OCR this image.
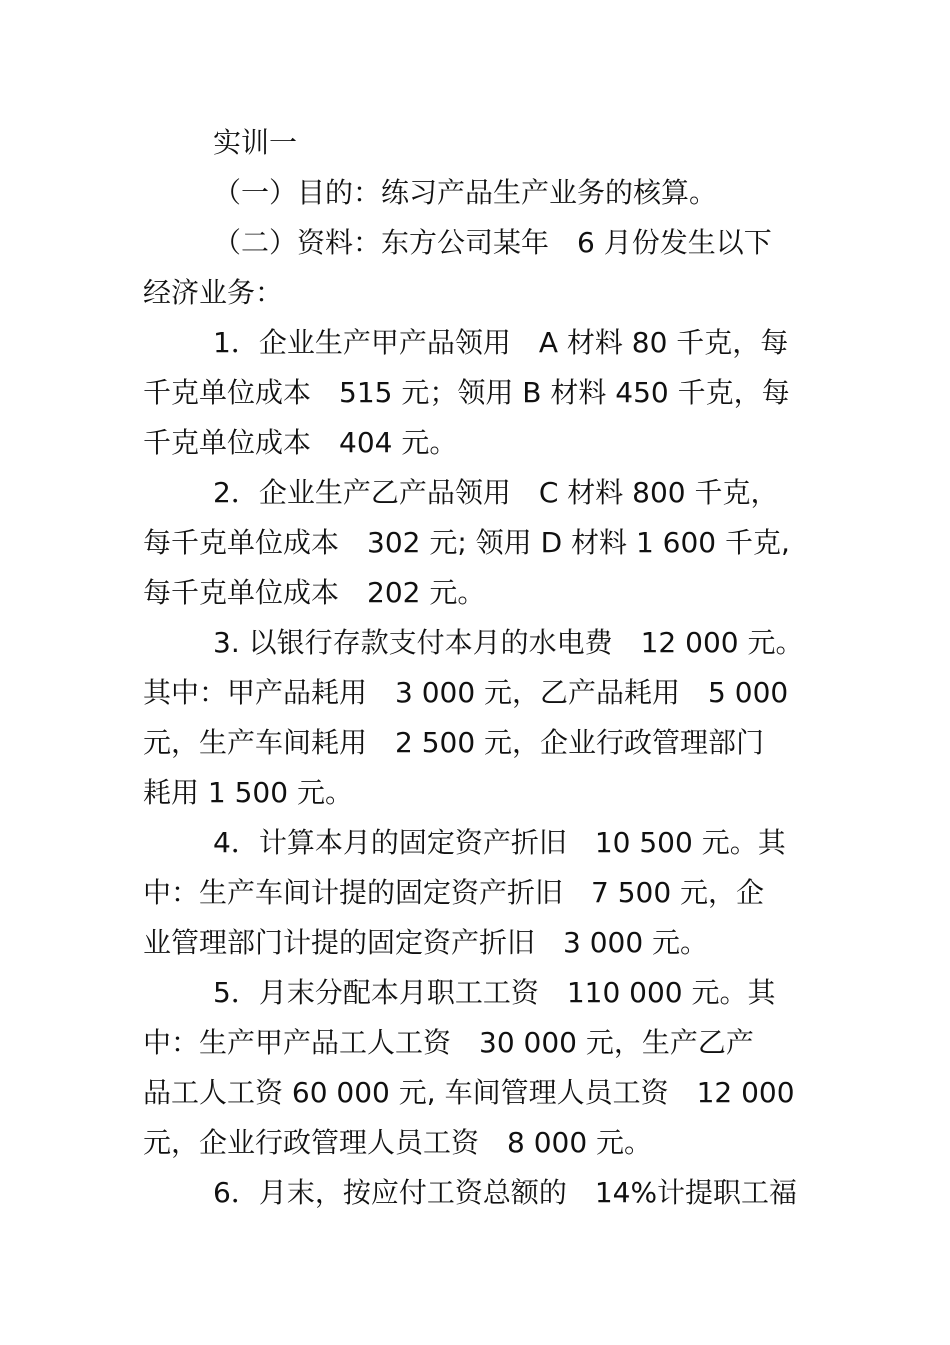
实训一
（一）目的：练习产品生产业务的核算。
（二）资料：东方公司某年　6 月份发生以下
经济业务：
1．企业生产甲产品领用　A 材料 80 千克，每
千克单位成本　515 元；领用 B 材料 450 千克，每
千克单位成本　404 元。
2．企业生产乙产品领用　C 材料 800 千克，
每千克单位成本　302 元; 领用 D 材料 1 600 千克,
每千克单位成本　202 元。
3. 以银行存款支付本月的水电费　12 000 元。
其中：甲产品耗用　3 000 元，乙产品耗用　5 000
元，生产车间耗用　2 500 元，企业行政管理部门
耗用 1 500 元。
4．计算本月的固定资产折旧　10 500 元。其
中：生产车间计提的固定资产折旧　7 500 元，企
业管理部门计提的固定资产折旧　3 000 元。
5．月末分配本月职工工资　110 000 元。其
中：生产甲产品工人工资　30 000 元，生产乙产
品工人工资 60 000 元, 车间管理人员工资　12 000
元，企业行政管理人员工资　8 000 元。
6．月末，按应付工资总额的　14%计提职工福
